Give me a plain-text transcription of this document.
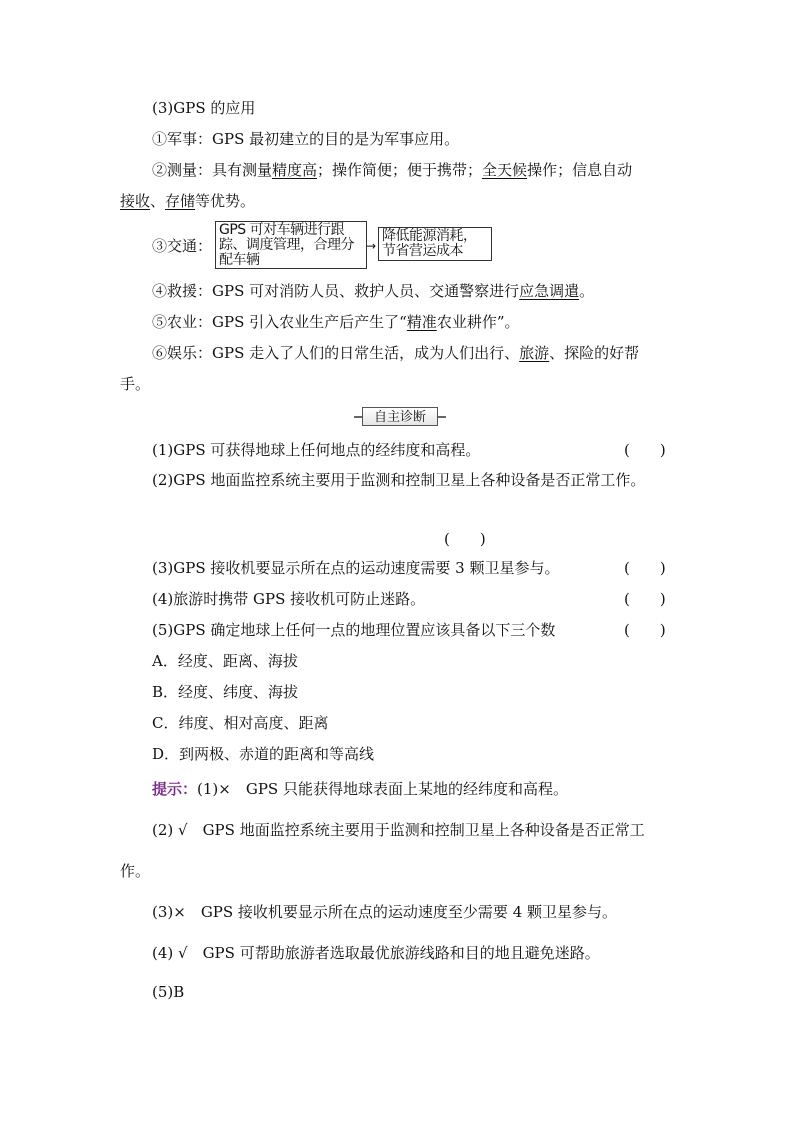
(3)GPS 的应用
①军事：GPS 最初建立的目的是为军事应用。
②测量：具有测量精度高；操作简便；便于携带；全天候操作；信息自动
接收、存储等优势。
③交通：
GPS 可对车辆进行跟踪、调度管理，合理分配车辆
→
降低能源消耗，节省营运成本
④救援：GPS 可对消防人员、救护人员、交通警察进行应急调遣。
⑤农业：GPS 引入农业生产后产生了“精准农业耕作”。
⑥娱乐：GPS 走入了人们的日常生活，成为人们出行、旅游、探险的好帮
手。
自主诊断
(1)GPS 可获得地球上任何地点的经纬度和高程。	(　　)
(2)GPS 地面监控系统主要用于监测和控制卫星上各种设备是否正常工作。
(　　)
(3)GPS 接收机要显示所在点的运动速度需要 3 颗卫星参与。	(　　)
(4)旅游时携带 GPS 接收机可防止迷路。	(　　)
(5)GPS 确定地球上任何一点的地理位置应该具备以下三个数	(　　)
A．经度、距离、海拔
B．经度、纬度、海拔
C．纬度、相对高度、距离
D．到两极、赤道的距离和等高线
提示：(1)×　GPS 只能获得地球表面上某地的经纬度和高程。
(2) √　GPS 地面监控系统主要用于监测和控制卫星上各种设备是否正常工
作。
(3)×　GPS 接收机要显示所在点的运动速度至少需要 4 颗卫星参与。
(4) √　GPS 可帮助旅游者选取最优旅游线路和目的地且避免迷路。
(5)B
